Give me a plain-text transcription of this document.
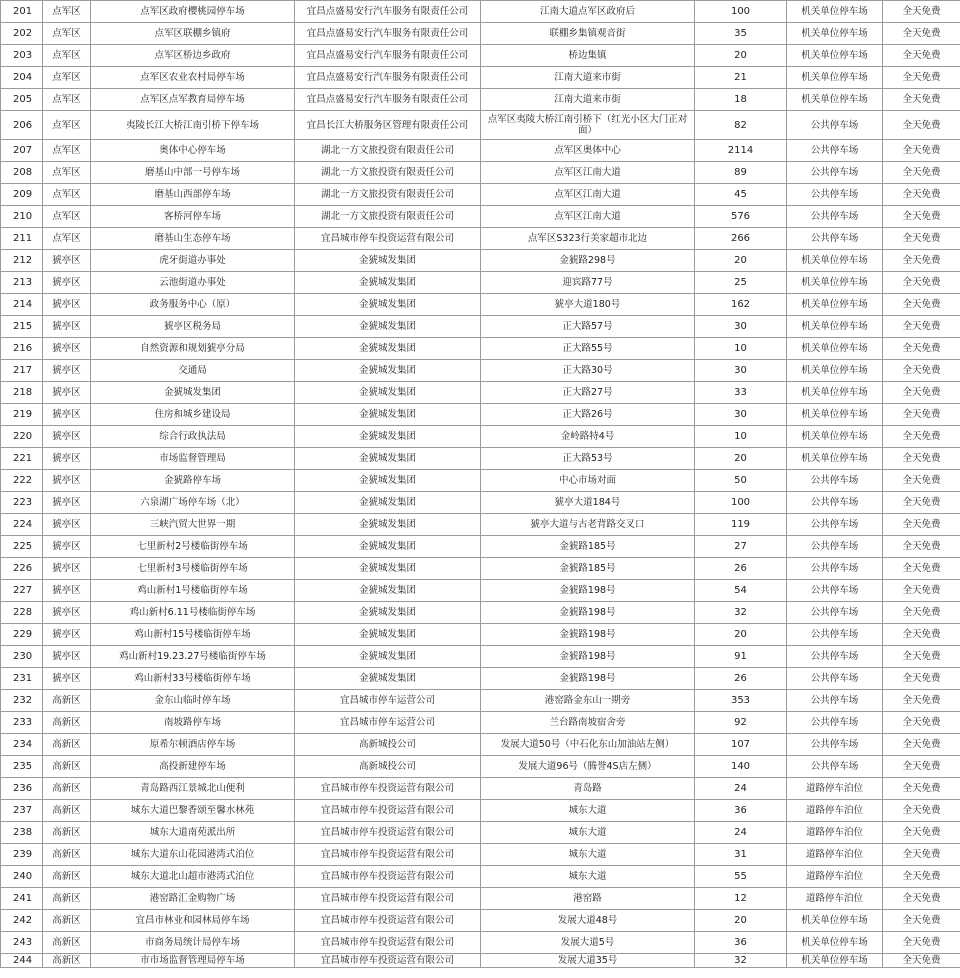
201	点军区	点军区政府樱桃园停车场	宜昌点盛易安行汽车服务有限责任公司	江南大道点军区政府后	100	机关单位停车场	全天免费
202	点军区	点军区联棚乡镇府	宜昌点盛易安行汽车服务有限责任公司	联棚乡集镇观音街	35	机关单位停车场	全天免费
203	点军区	点军区桥边乡政府	宜昌点盛易安行汽车服务有限责任公司	桥边集镇	20	机关单位停车场	全天免费
204	点军区	点军区农业农村局停车场	宜昌点盛易安行汽车服务有限责任公司	江南大道来市街	21	机关单位停车场	全天免费
205	点军区	点军区点军教育局停车场	宜昌点盛易安行汽车服务有限责任公司	江南大道来市街	18	机关单位停车场	全天免费
206	点军区	夷陵长江大桥江南引桥下停车场	宜昌长江大桥服务区管理有限责任公司	点军区夷陵大桥江南引桥下（红光小区大门正对面）	82	公共停车场	全天免费
207	点军区	奥体中心停车场	湖北一方文旅投资有限责任公司	点军区奥体中心	2114	公共停车场	全天免费
208	点军区	磨基山中部一号停车场	湖北一方文旅投资有限责任公司	点军区江南大道	89	公共停车场	全天免费
209	点军区	磨基山西部停车场	湖北一方文旅投资有限责任公司	点军区江南大道	45	公共停车场	全天免费
210	点军区	客桥河停车场	湖北一方文旅投资有限责任公司	点军区江南大道	576	公共停车场	全天免费
211	点军区	磨基山生态停车场	宜昌城市停车投资运营有限公司	点军区S323行美家超市北边	266	公共停车场	全天免费
212	猇亭区	虎牙街道办事处	金猇城发集团	金猇路298号	20	机关单位停车场	全天免费
213	猇亭区	云池街道办事处	金猇城发集团	迎宾路77号	25	机关单位停车场	全天免费
214	猇亭区	政务服务中心（原）	金猇城发集团	猇亭大道180号	162	机关单位停车场	全天免费
215	猇亭区	猇亭区税务局	金猇城发集团	正大路57号	30	机关单位停车场	全天免费
216	猇亭区	自然资源和规划猇亭分局	金猇城发集团	正大路55号	10	机关单位停车场	全天免费
217	猇亭区	交通局	金猇城发集团	正大路30号	30	机关单位停车场	全天免费
218	猇亭区	金猇城发集团	金猇城发集团	正大路27号	33	机关单位停车场	全天免费
219	猇亭区	住房和城乡建设局	金猇城发集团	正大路26号	30	机关单位停车场	全天免费
220	猇亭区	综合行政执法局	金猇城发集团	金岭路特4号	10	机关单位停车场	全天免费
221	猇亭区	市场监督管理局	金猇城发集团	正大路53号	20	机关单位停车场	全天免费
222	猇亭区	金猇路停车场	金猇城发集团	中心市场对面	50	公共停车场	全天免费
223	猇亭区	六泉湖广场停车场（北）	金猇城发集团	猇亭大道184号	100	公共停车场	全天免费
224	猇亭区	三峡汽贸大世界一期	金猇城发集团	猇亭大道与古老背路交叉口	119	公共停车场	全天免费
225	猇亭区	七里新村2号楼临街停车场	金猇城发集团	金猇路185号	27	公共停车场	全天免费
226	猇亭区	七里新村3号楼临街停车场	金猇城发集团	金猇路185号	26	公共停车场	全天免费
227	猇亭区	鸡山新村1号楼临街停车场	金猇城发集团	金猇路198号	54	公共停车场	全天免费
228	猇亭区	鸡山新村6.11号楼临街停车场	金猇城发集团	金猇路198号	32	公共停车场	全天免费
229	猇亭区	鸡山新村15号楼临街停车场	金猇城发集团	金猇路198号	20	公共停车场	全天免费
230	猇亭区	鸡山新村19.23.27号楼临街停车场	金猇城发集团	金猇路198号	91	公共停车场	全天免费
231	猇亭区	鸡山新村33号楼临街停车场	金猇城发集团	金猇路198号	26	公共停车场	全天免费
232	高新区	金东山临时停车场	宜昌城市停车运营公司	港窑路金东山一期旁	353	公共停车场	全天免费
233	高新区	南坡路停车场	宜昌城市停车运营公司	兰台路南坡宿舍旁	92	公共停车场	全天免费
234	高新区	原希尔顿酒店停车场	高新城投公司	发展大道50号（中石化东山加油站左侧）	107	公共停车场	全天免费
235	高新区	高投新建停车场	高新城投公司	发展大道96号（腾誉4S店左侧）	140	公共停车场	全天免费
236	高新区	青岛路西江景城北山便利	宜昌城市停车投资运营有限公司	青岛路	24	道路停车泊位	全天免费
237	高新区	城东大道巴黎香颂至馨水林苑	宜昌城市停车投资运营有限公司	城东大道	36	道路停车泊位	全天免费
238	高新区	城东大道南苑派出所	宜昌城市停车投资运营有限公司	城东大道	24	道路停车泊位	全天免费
239	高新区	城东大道东山花园港湾式泊位	宜昌城市停车投资运营有限公司	城东大道	31	道路停车泊位	全天免费
240	高新区	城东大道北山超市港湾式泊位	宜昌城市停车投资运营有限公司	城东大道	55	道路停车泊位	全天免费
241	高新区	港窑路汇金购物广场	宜昌城市停车投资运营有限公司	港窑路	12	道路停车泊位	全天免费
242	高新区	宜昌市林业和园林局停车场	宜昌城市停车投资运营有限公司	发展大道48号	20	机关单位停车场	全天免费
243	高新区	市商务局统计局停车场	宜昌城市停车投资运营有限公司	发展大道5号	36	机关单位停车场	全天免费
244	高新区	市市场监督管理局停车场	宜昌城市停车投资运营有限公司	发展大道35号	32	机关单位停车场	全天免费
